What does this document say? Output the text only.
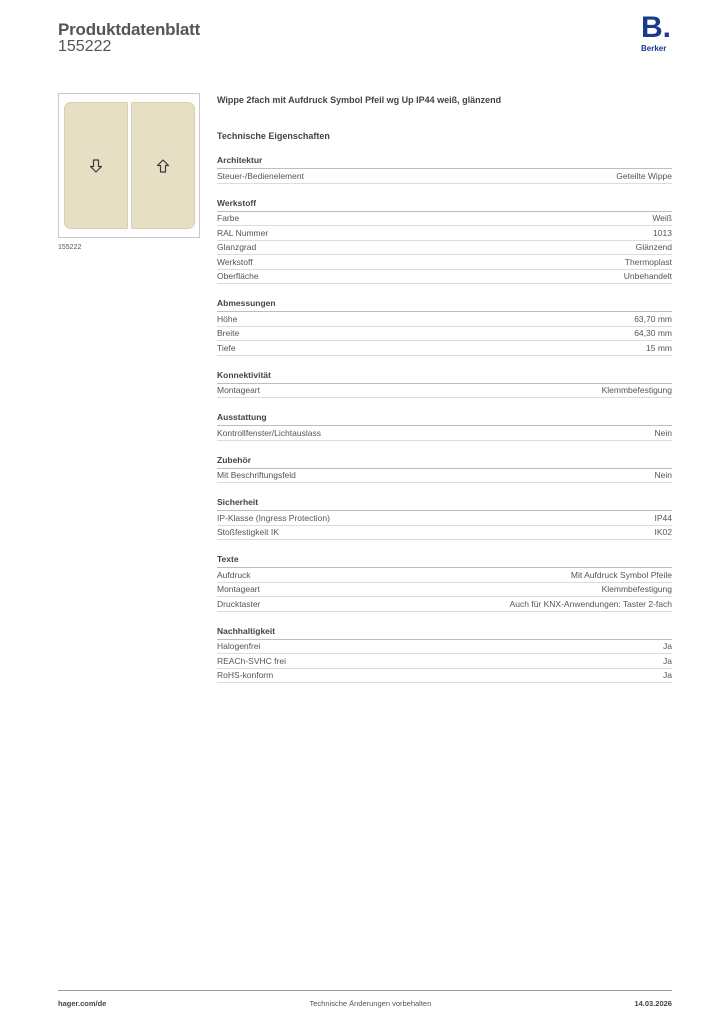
Produktdatenblatt
155222
B.
Berker
155222

Wippe 2fach mit Aufdruck Symbol Pfeil wg Up IP44 weiß, glänzend

Technische Eigenschaften
Architektur
Steuer-/Bedienelement	Geteilte Wippe
Werkstoff
Farbe	Weiß
RAL Nummer	1013
Glanzgrad	Glänzend
Werkstoff	Thermoplast
Oberfläche	Unbehandelt
Abmessungen
Höhe	63,70 mm
Breite	64,30 mm
Tiefe	15 mm
Konnektivität
Montageart	Klemmbefestigung
Ausstattung
Kontrollfenster/Lichtauslass	Nein
Zubehör
Mit Beschriftungsfeld	Nein
Sicherheit
IP-Klasse (Ingress Protection)	IP44
Stoßfestigkeit IK	IK02
Texte
Aufdruck	Mit Aufdruck Symbol Pfeile
Montageart	Klemmbefestigung
Drucktaster	Auch für KNX-Anwendungen: Taster 2-fach
Nachhaltigkeit
Halogenfrei	Ja
REACh-SVHC frei	Ja
RoHS-konform	Ja
hager.com/de	Technische Änderungen vorbehalten	14.03.2026
